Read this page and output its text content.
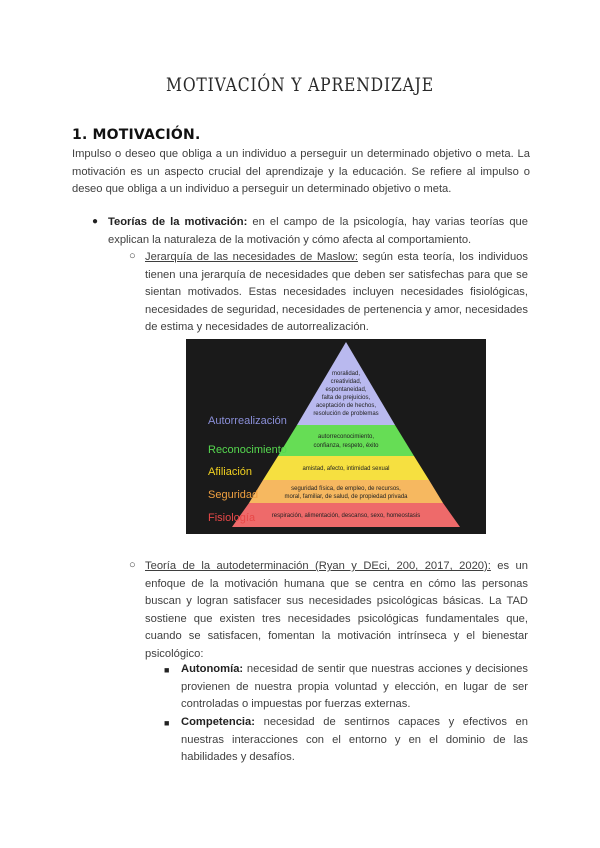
MOTIVACIÓN Y APRENDIZAJE
1. MOTIVACIÓN.
Impulso o deseo que obliga a un individuo a perseguir un determinado objetivo o meta. La motivación es un aspecto crucial del aprendizaje y la educación. Se refiere al impulso o deseo que obliga a un individuo a perseguir un determinado objetivo o meta.
● Teorías de la motivación: en el campo de la psicología, hay varias teorías que explican la naturaleza de la motivación y cómo afecta al comportamiento.
○ Jerarquía de las necesidades de Maslow: según esta teoría, los individuos tienen una jerarquía de necesidades que deben ser satisfechas para que se sientan motivados. Estas necesidades incluyen necesidades fisiológicas, necesidades de seguridad, necesidades de pertenencia y amor, necesidades de estima y necesidades de autorrealización.
moralidad,
creatividad,
espontaneidad,
falta de prejuicios,
aceptación de hechos,
resolución de problemas
autorreconocimiento,
confianza, respeto, éxito
amistad, afecto, intimidad sexual
seguridad física, de empleo, de recursos,
moral, familiar, de salud, de propiedad privada
respiración, alimentación, descanso, sexo, homeostasis
Autorrealización
Reconocimiento
Afiliación
Seguridad
Fisiología
○ Teoría de la autodeterminación (Ryan y DEci, 200, 2017, 2020): es un enfoque de la motivación humana que se centra en cómo las personas buscan y logran satisfacer sus necesidades psicológicas básicas. La TAD sostiene que existen tres necesidades psicológicas fundamentales que, cuando se satisfacen, fomentan la motivación intrínseca y el bienestar psicológico:
■ Autonomía: necesidad de sentir que nuestras acciones y decisiones provienen de nuestra propia voluntad y elección, en lugar de ser controladas o impuestas por fuerzas externas.
■ Competencia: necesidad de sentirnos capaces y efectivos en nuestras interacciones con el entorno y en el dominio de las habilidades y desafíos.
